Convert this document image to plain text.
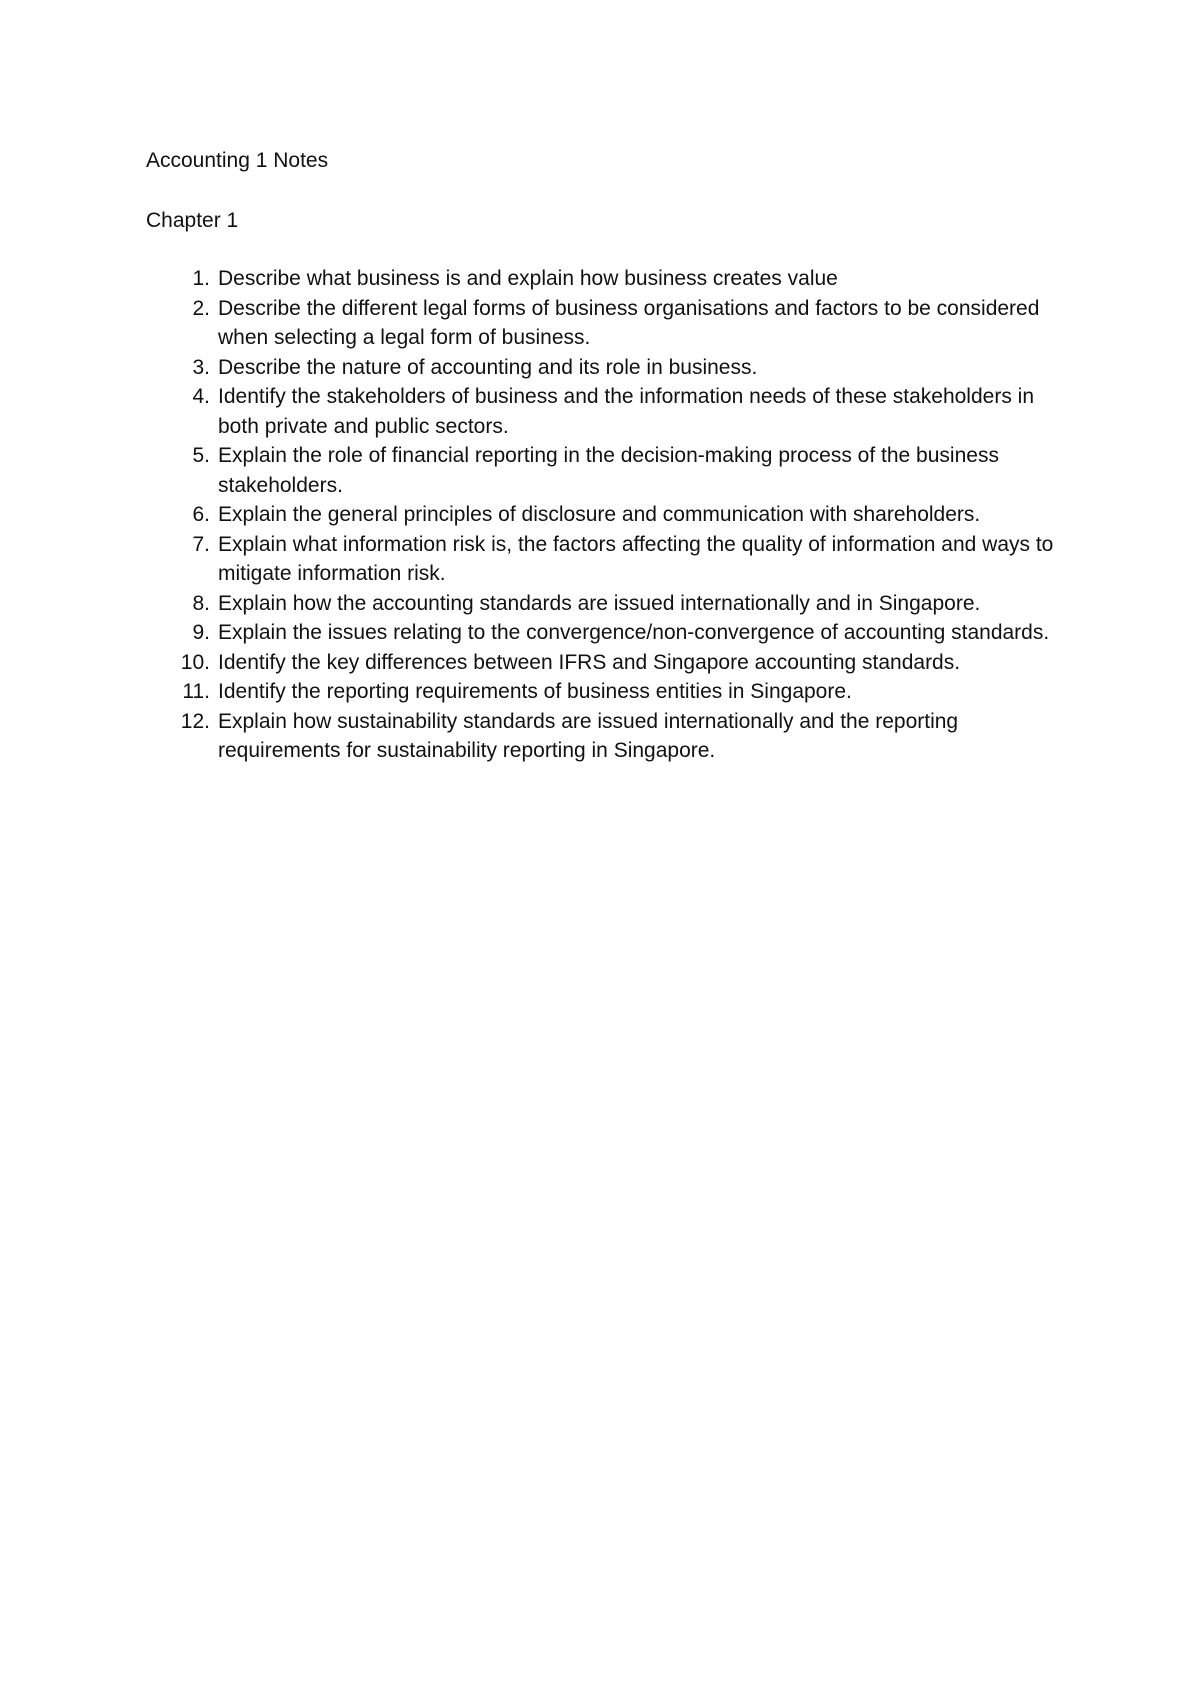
Accounting 1 Notes

Chapter 1

1. Describe what business is and explain how business creates value
2. Describe the different legal forms of business organisations and factors to be considered when selecting a legal form of business.
3. Describe the nature of accounting and its role in business.
4. Identify the stakeholders of business and the information needs of these stakeholders in both private and public sectors.
5. Explain the role of financial reporting in the decision-making process of the business stakeholders.
6. Explain the general principles of disclosure and communication with shareholders.
7. Explain what information risk is, the factors affecting the quality of information and ways to mitigate information risk.
8. Explain how the accounting standards are issued internationally and in Singapore.
9. Explain the issues relating to the convergence/non-convergence of accounting standards.
10. Identify the key differences between IFRS and Singapore accounting standards.
11. Identify the reporting requirements of business entities in Singapore.
12. Explain how sustainability standards are issued internationally and the reporting requirements for sustainability reporting in Singapore.
